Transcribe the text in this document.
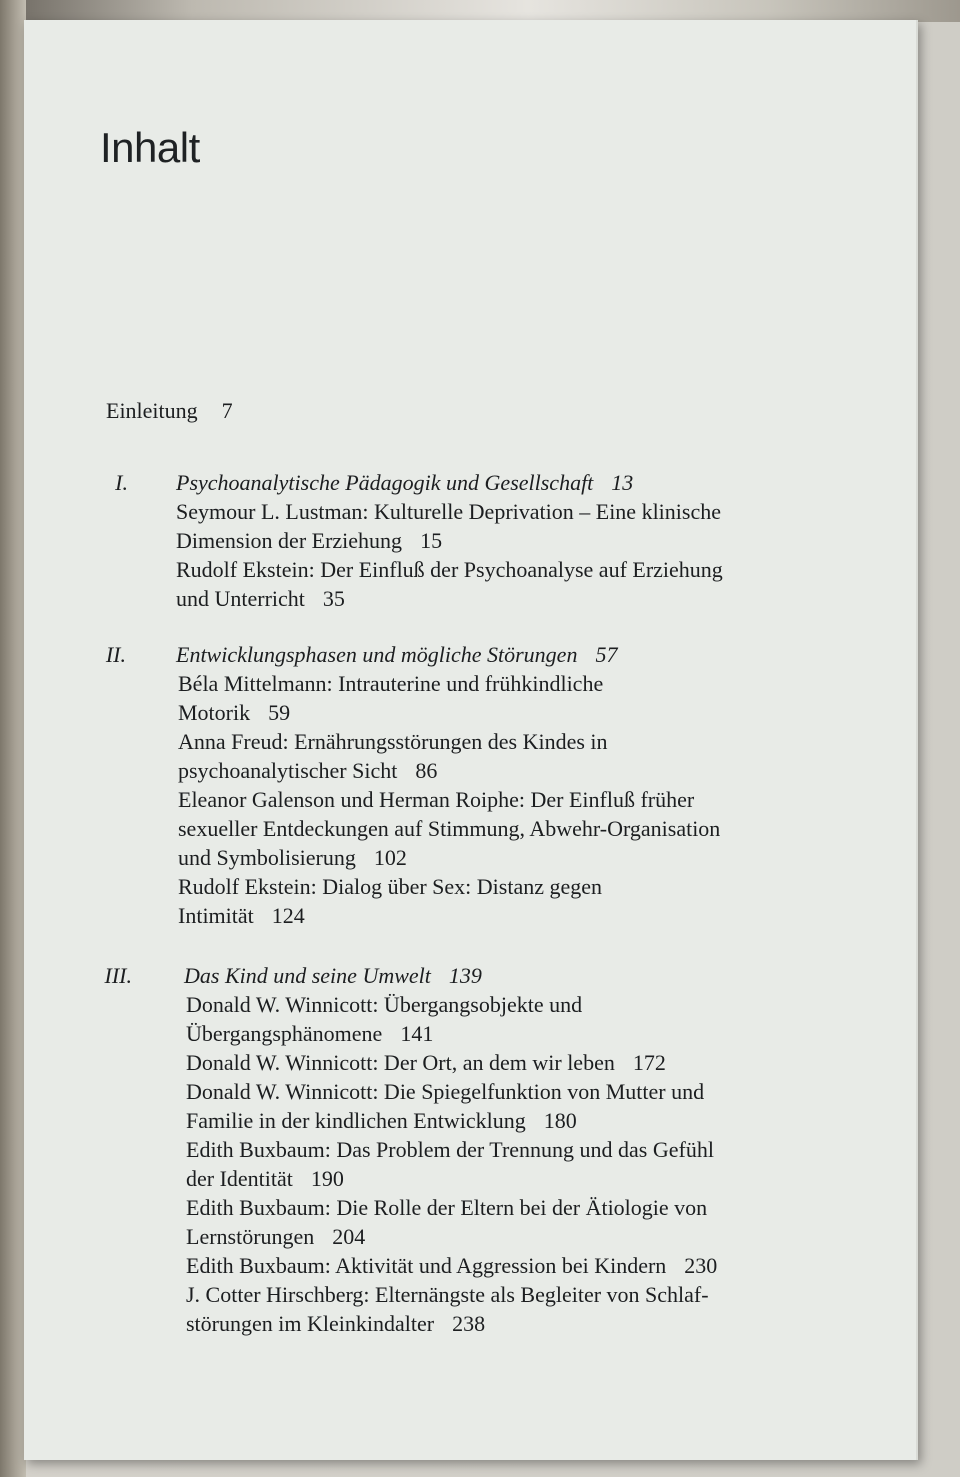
Inhalt
Einleitung 7
I. Psychoanalytische Pädagogik und Gesellschaft 13
Seymour L. Lustman: Kulturelle Deprivation – Eine klinische
Dimension der Erziehung 15
Rudolf Ekstein: Der Einfluß der Psychoanalyse auf Erziehung
und Unterricht 35
II. Entwicklungsphasen und mögliche Störungen 57
Béla Mittelmann: Intrauterine und frühkindliche
Motorik 59
Anna Freud: Ernährungsstörungen des Kindes in
psychoanalytischer Sicht 86
Eleanor Galenson und Herman Roiphe: Der Einfluß früher
sexueller Entdeckungen auf Stimmung, Abwehr-Organisation
und Symbolisierung 102
Rudolf Ekstein: Dialog über Sex: Distanz gegen
Intimität 124
III. Das Kind und seine Umwelt 139
Donald W. Winnicott: Übergangsobjekte und
Übergangsphänomene 141
Donald W. Winnicott: Der Ort, an dem wir leben 172
Donald W. Winnicott: Die Spiegelfunktion von Mutter und
Familie in der kindlichen Entwicklung 180
Edith Buxbaum: Das Problem der Trennung und das Gefühl
der Identität 190
Edith Buxbaum: Die Rolle der Eltern bei der Ätiologie von
Lernstörungen 204
Edith Buxbaum: Aktivität und Aggression bei Kindern 230
J. Cotter Hirschberg: Elternängste als Begleiter von Schlaf-
störungen im Kleinkindalter 238
